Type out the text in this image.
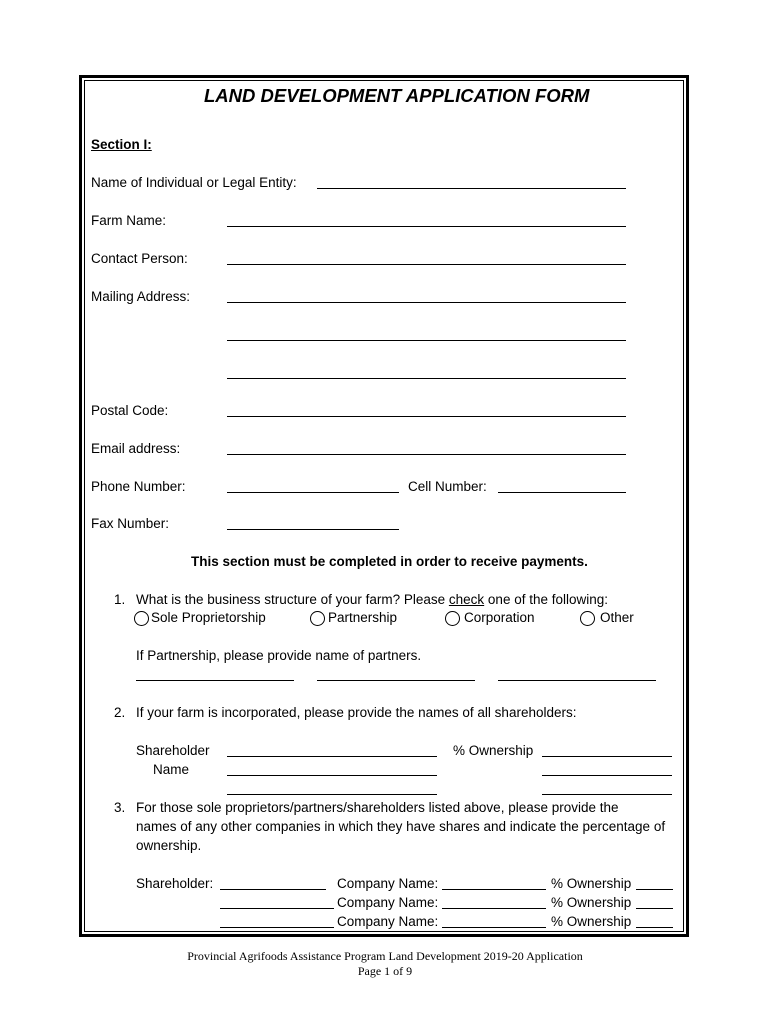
LAND DEVELOPMENT APPLICATION FORM
Section I:
Name of Individual or Legal Entity:
Farm Name:
Contact Person:
Mailing Address:
Postal Code:
Email address:
Phone Number:	Cell Number:
Fax Number:
This section must be completed in order to receive payments.
1. What is the business structure of your farm? Please check one of the following:
Sole Proprietorship	Partnership	Corporation	Other
If Partnership, please provide name of partners.
2. If your farm is incorporated, please provide the names of all shareholders:
Shareholder
Name
% Ownership
3. For those sole proprietors/partners/shareholders listed above, please provide the
names of any other companies in which they have shares and indicate the percentage of
ownership.
Shareholder:	Company Name:	% Ownership
Company Name:	% Ownership
Company Name:	% Ownership
Provincial Agrifoods Assistance Program Land Development 2019-20 Application
Page 1 of 9
